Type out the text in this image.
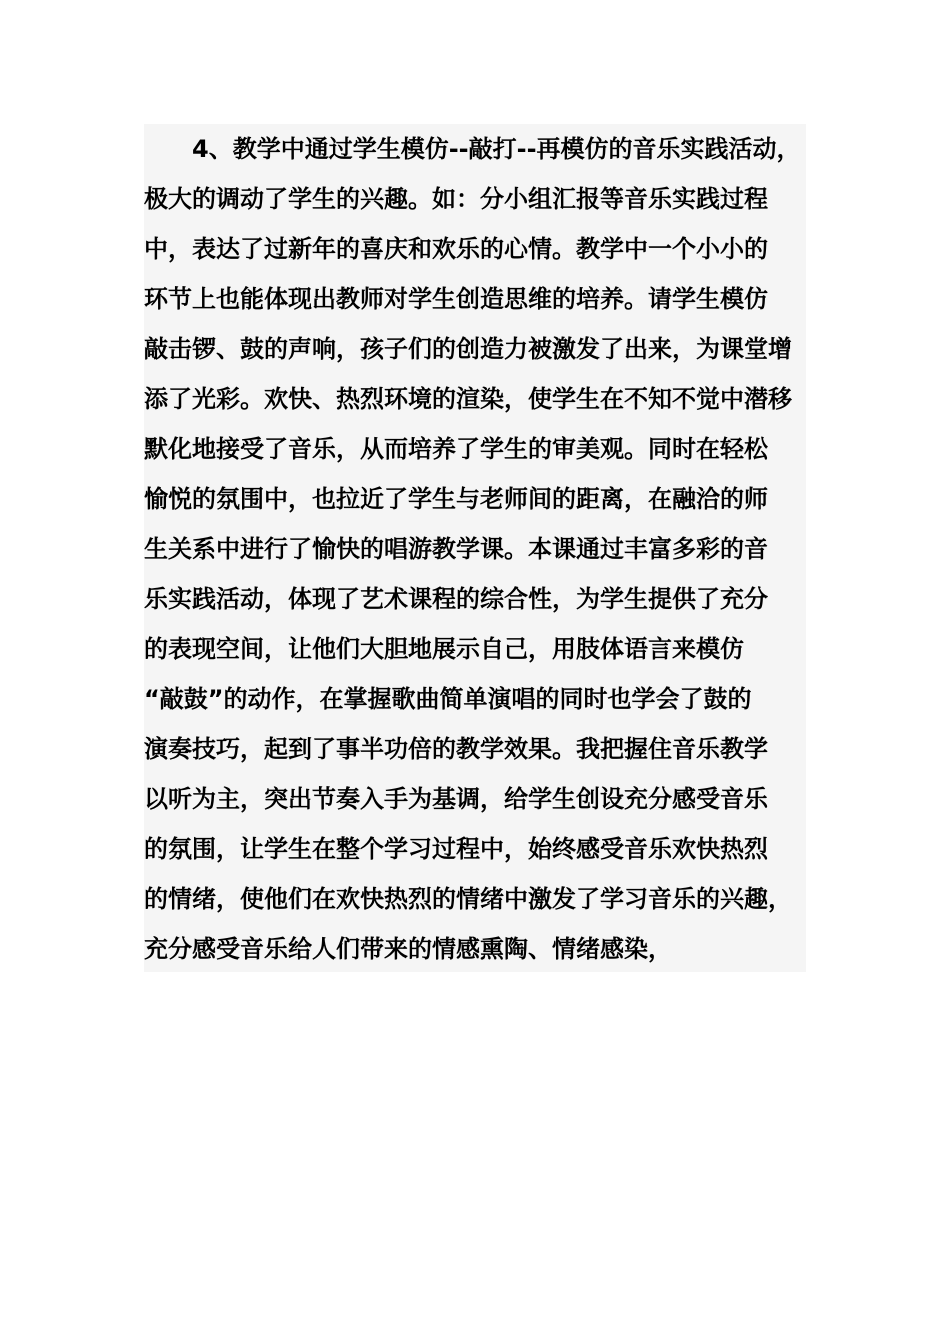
4、教学中通过学生模仿--敲打--再模仿的音乐实践活动，
极大的调动了学生的兴趣。如：分小组汇报等音乐实践过程
中，表达了过新年的喜庆和欢乐的心情。教学中一个小小的
环节上也能体现出教师对学生创造思维的培养。请学生模仿
敲击锣、鼓的声响，孩子们的创造力被激发了出来，为课堂增
添了光彩。欢快、热烈环境的渲染，使学生在不知不觉中潜移
默化地接受了音乐，从而培养了学生的审美观。同时在轻松
愉悦的氛围中，也拉近了学生与老师间的距离，在融洽的师
生关系中进行了愉快的唱游教学课。本课通过丰富多彩的音
乐实践活动，体现了艺术课程的综合性，为学生提供了充分
的表现空间，让他们大胆地展示自己，用肢体语言来模仿
“敲鼓”的动作，在掌握歌曲简单演唱的同时也学会了鼓的
演奏技巧，起到了事半功倍的教学效果。我把握住音乐教学
以听为主，突出节奏入手为基调，给学生创设充分感受音乐
的氛围，让学生在整个学习过程中，始终感受音乐欢快热烈
的情绪，使他们在欢快热烈的情绪中激发了学习音乐的兴趣，
充分感受音乐给人们带来的情感熏陶、情绪感染，
